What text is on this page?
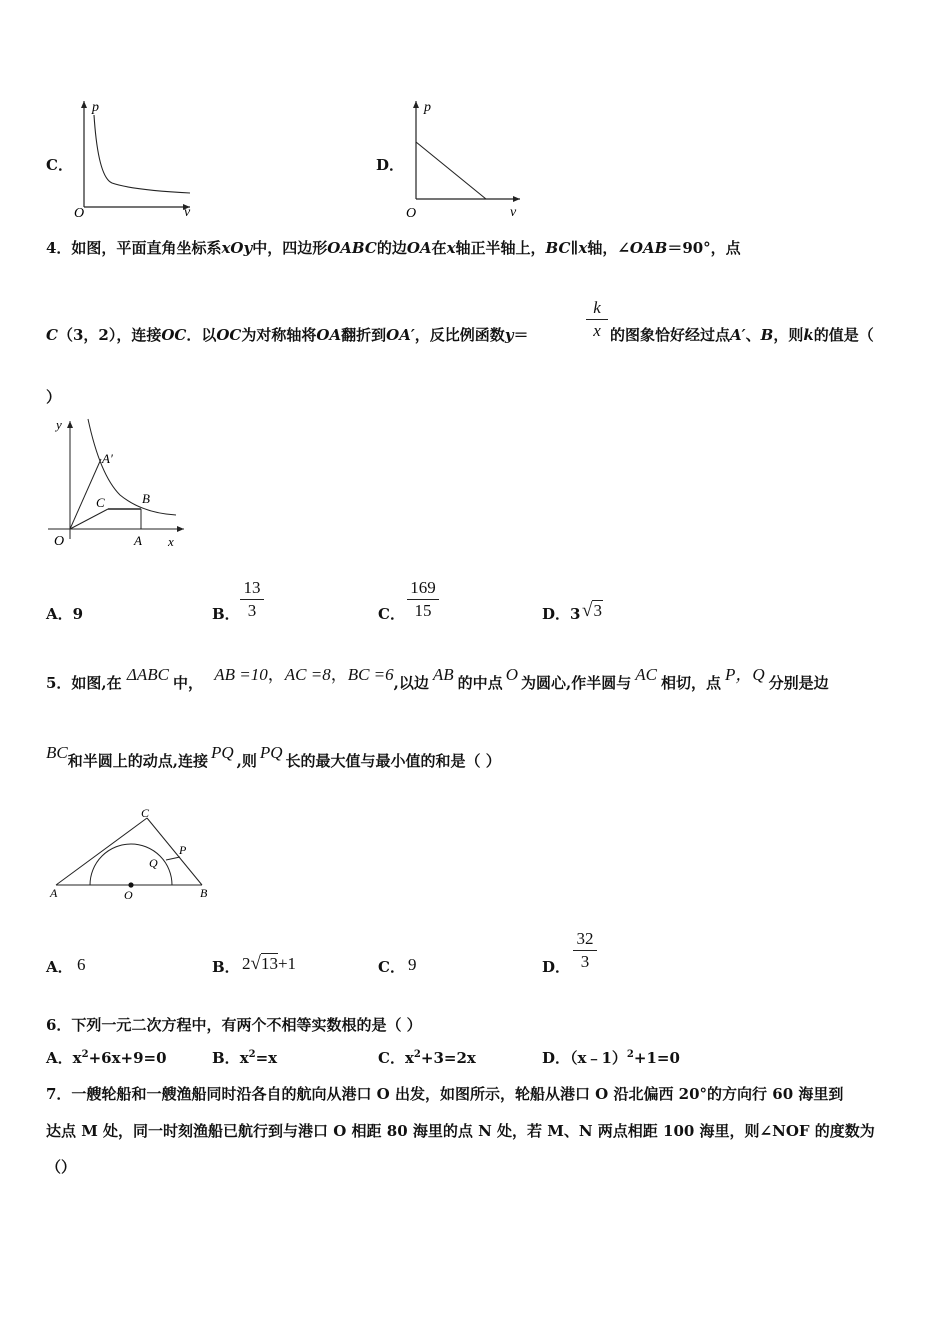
C．
p
v
O
D．
p
v
O
4．如图，平面直角坐标系xOy中，四边形OABC的边OA在x轴正半轴上，BC∥x轴，∠OAB＝90°，点
C（3，2），连接OC．以OC为对称轴将OA翻折到OA′，反比例函数y＝
k
x 的图象恰好经过点A′、B，则k的值是（
）
y
x
O
A′
C	B
A
A．9	B．
13
3	C．
169
15	D．3 √3
5．如图,在 ΔABC 中， AB =10，AC =8，BC =6,以边 AB 的中点 O 为圆心,作半圆与 AC 相切，点 P，Q 分别是边
BC和半圆上的动点,连接 PQ ,则 PQ 长的最大值与最小值的和是（ ）
C
P
Q
A	O	B
A． 6	B． 2√13+1	C． 9	D．
32
3
6．下列一元二次方程中，有两个不相等实数根的是（ ）
A．$x^2+6x+9=0$	B．$x^2=x$	C．$x^2+3=2x$	D．（x﹣1）$^2$+1=0
7．一艘轮船和一艘渔船同时沿各自的航向从港口 O 出发，如图所示，轮船从港口 O 沿北偏西 20°的方向行 60 海里到
达点 M 处，同一时刻渔船已航行到与港口 O 相距 80 海里的点 N 处，若 M、N 两点相距 100 海里，则∠NOF 的度数为
（）
